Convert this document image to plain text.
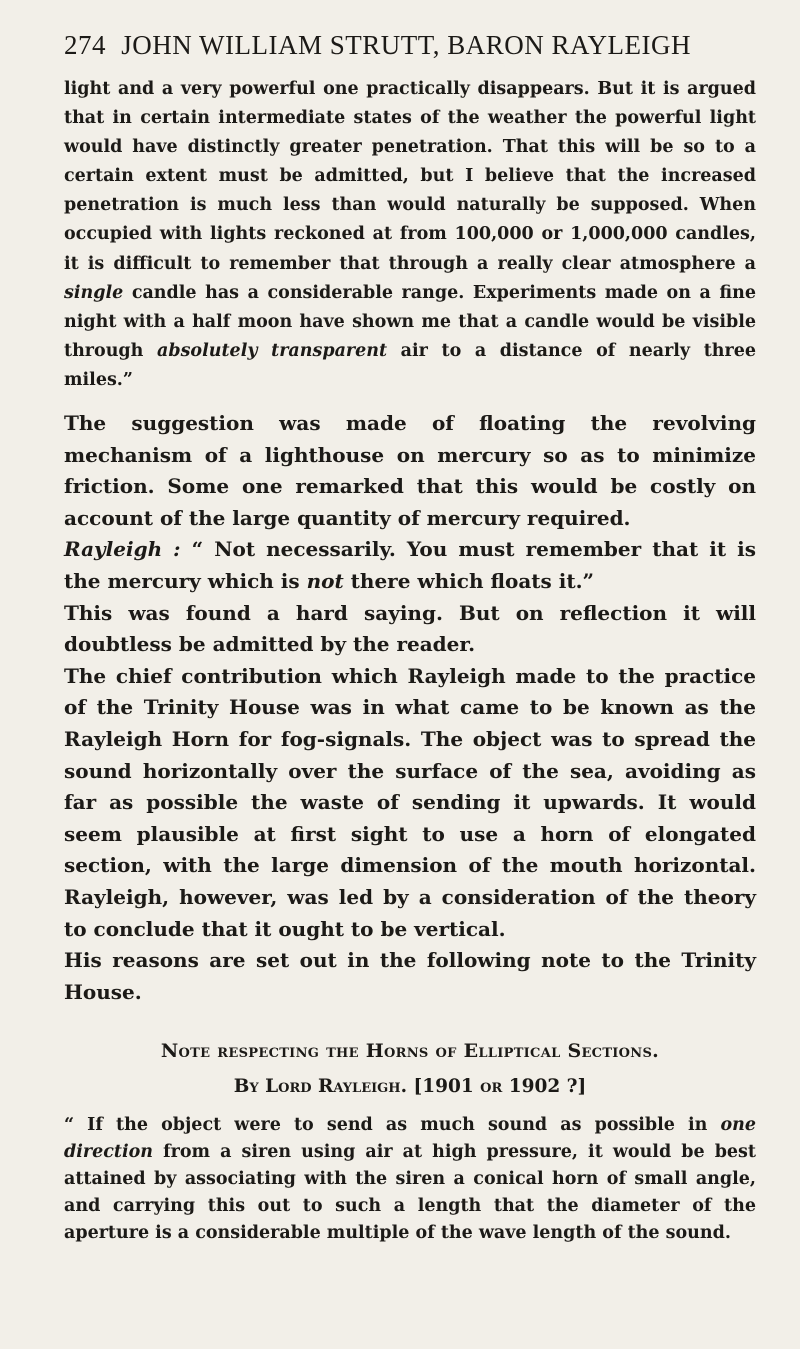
274 JOHN WILLIAM STRUTT, BARON RAYLEIGH

light and a very powerful one practically disappears. But it is argued that in certain intermediate states of the weather the powerful light would have distinctly greater penetration. That this will be so to a certain extent must be admitted, but I believe that the increased penetration is much less than would naturally be supposed. When occupied with lights reckoned at from 100,000 or 1,000,000 candles, it is difficult to remember that through a really clear atmosphere a single candle has a considerable range. Experiments made on a fine night with a half moon have shown me that a candle would be visible through absolutely transparent air to a distance of nearly three miles.”

The suggestion was made of floating the revolving mechanism of a lighthouse on mercury so as to minimize friction. Some one remarked that this would be costly on account of the large quantity of mercury required.

Rayleigh : “ Not necessarily. You must remember that it is the mercury which is not there which floats it.”

This was found a hard saying. But on reflection it will doubtless be admitted by the reader.

The chief contribution which Rayleigh made to the practice of the Trinity House was in what came to be known as the Rayleigh Horn for fog-signals. The object was to spread the sound horizontally over the surface of the sea, avoiding as far as possible the waste of sending it upwards. It would seem plausible at first sight to use a horn of elongated section, with the large dimension of the mouth horizontal. Rayleigh, however, was led by a consideration of the theory to conclude that it ought to be vertical.

His reasons are set out in the following note to the Trinity House.

Note respecting the Horns of Elliptical Sections.
By Lord Rayleigh. [1901 or 1902 ?]

“ If the object were to send as much sound as possible in one direction from a siren using air at high pressure, it would be best attained by associating with the siren a conical horn of small angle, and carrying this out to such a length that the diameter of the aperture is a considerable multiple of the wave length of the sound.
